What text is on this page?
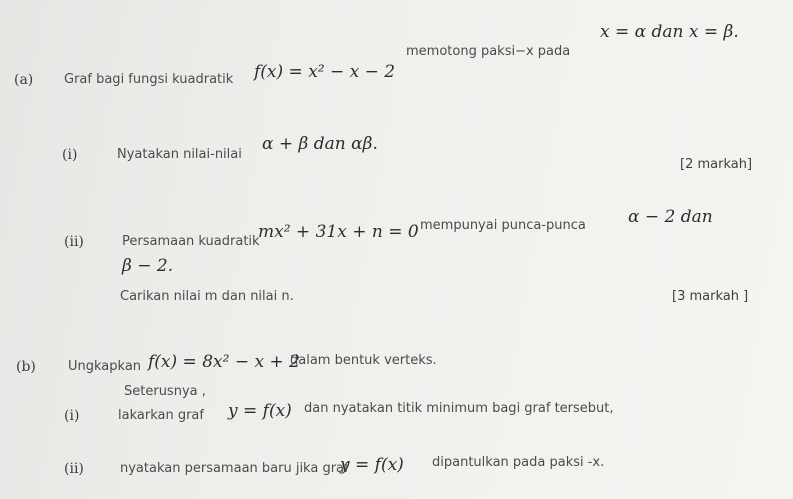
(a) Graf bagi fungsi kuadratik f(x) = x² − x − 2
memotong paksi−x pada
x = α dan x = β.
(i)	Nyatakan nilai-nilai
α + β dan αβ.
[2 markah]
(ii)	Persamaan kuadratik
mx² + 31x + n = 0 mempunyai punca-punca α − 2 dan
β − 2.
Carikan nilai m dan nilai n.	[3 markah ]
(b) Ungkapkan f(x) = 8x² − x + 2
dalam bentuk verteks.
Seterusnya ,
(i)	lakarkan graf y = f(x) dan nyatakan titik minimum bagi graf tersebut,
(ii)	nyatakan persamaan baru jika graf
y = f(x) dipantulkan pada paksi -x.
